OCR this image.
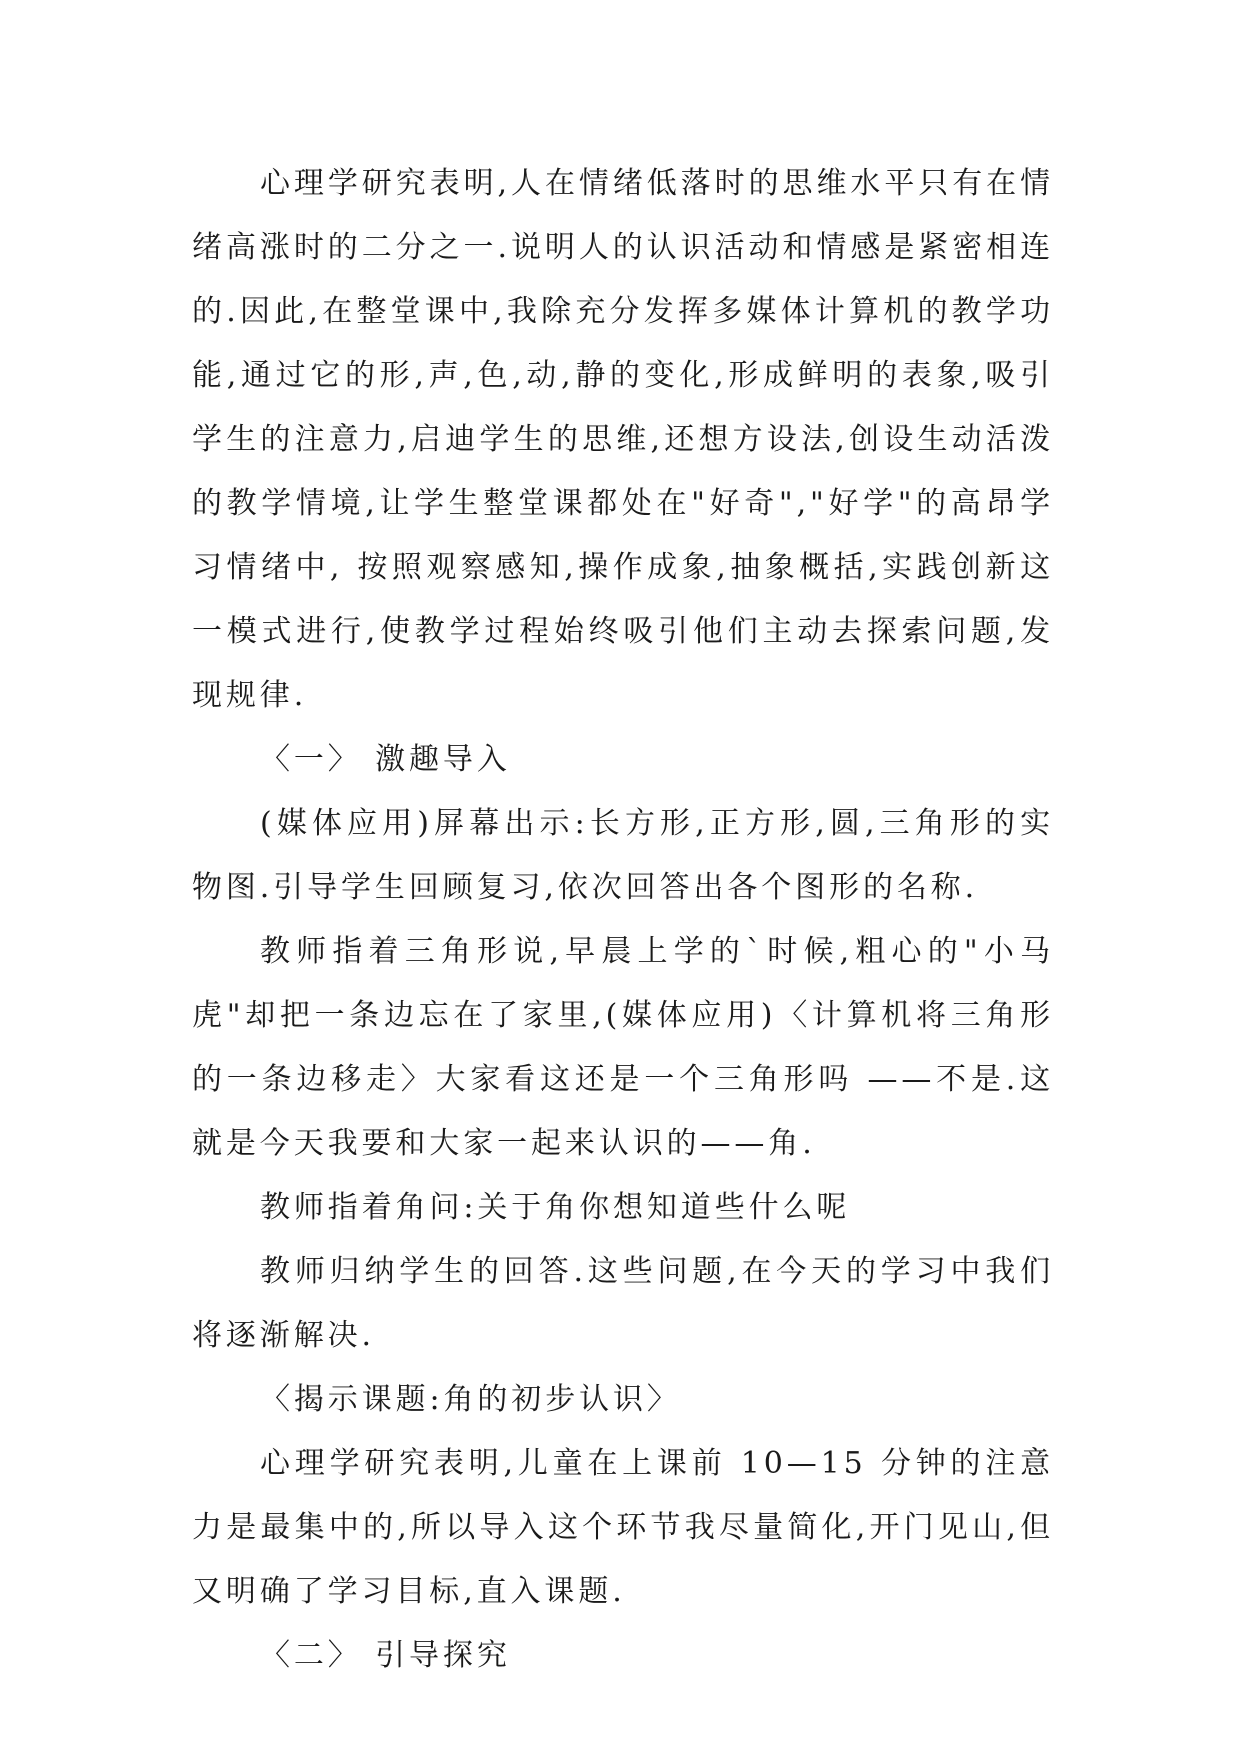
心理学研究表明,人在情绪低落时的思维水平只有在情绪高涨时的二分之一.说明人的认识活动和情感是紧密相连的.因此,在整堂课中,我除充分发挥多媒体计算机的教学功能,通过它的形,声,色,动,静的变化,形成鲜明的表象,吸引学生的注意力,启迪学生的思维,还想方设法,创设生动活泼的教学情境,让学生整堂课都处在"好奇","好学"的高昂学习情绪中, 按照观察感知,操作成象,抽象概括,实践创新这一模式进行,使教学过程始终吸引他们主动去探索问题,发现规律.

〈一〉 激趣导入

(媒体应用)屏幕出示:长方形,正方形,圆,三角形的实物图.引导学生回顾复习,依次回答出各个图形的名称.

教师指着三角形说,早晨上学的`时候,粗心的"小马虎"却把一条边忘在了家里,(媒体应用)〈计算机将三角形的一条边移走〉大家看这还是一个三角形吗 ——不是.这就是今天我要和大家一起来认识的——角.

教师指着角问:关于角你想知道些什么呢

教师归纳学生的回答.这些问题,在今天的学习中我们将逐渐解决.

〈揭示课题:角的初步认识〉

心理学研究表明,儿童在上课前 10—15 分钟的注意力是最集中的,所以导入这个环节我尽量简化,开门见山,但又明确了学习目标,直入课题.

〈二〉 引导探究
